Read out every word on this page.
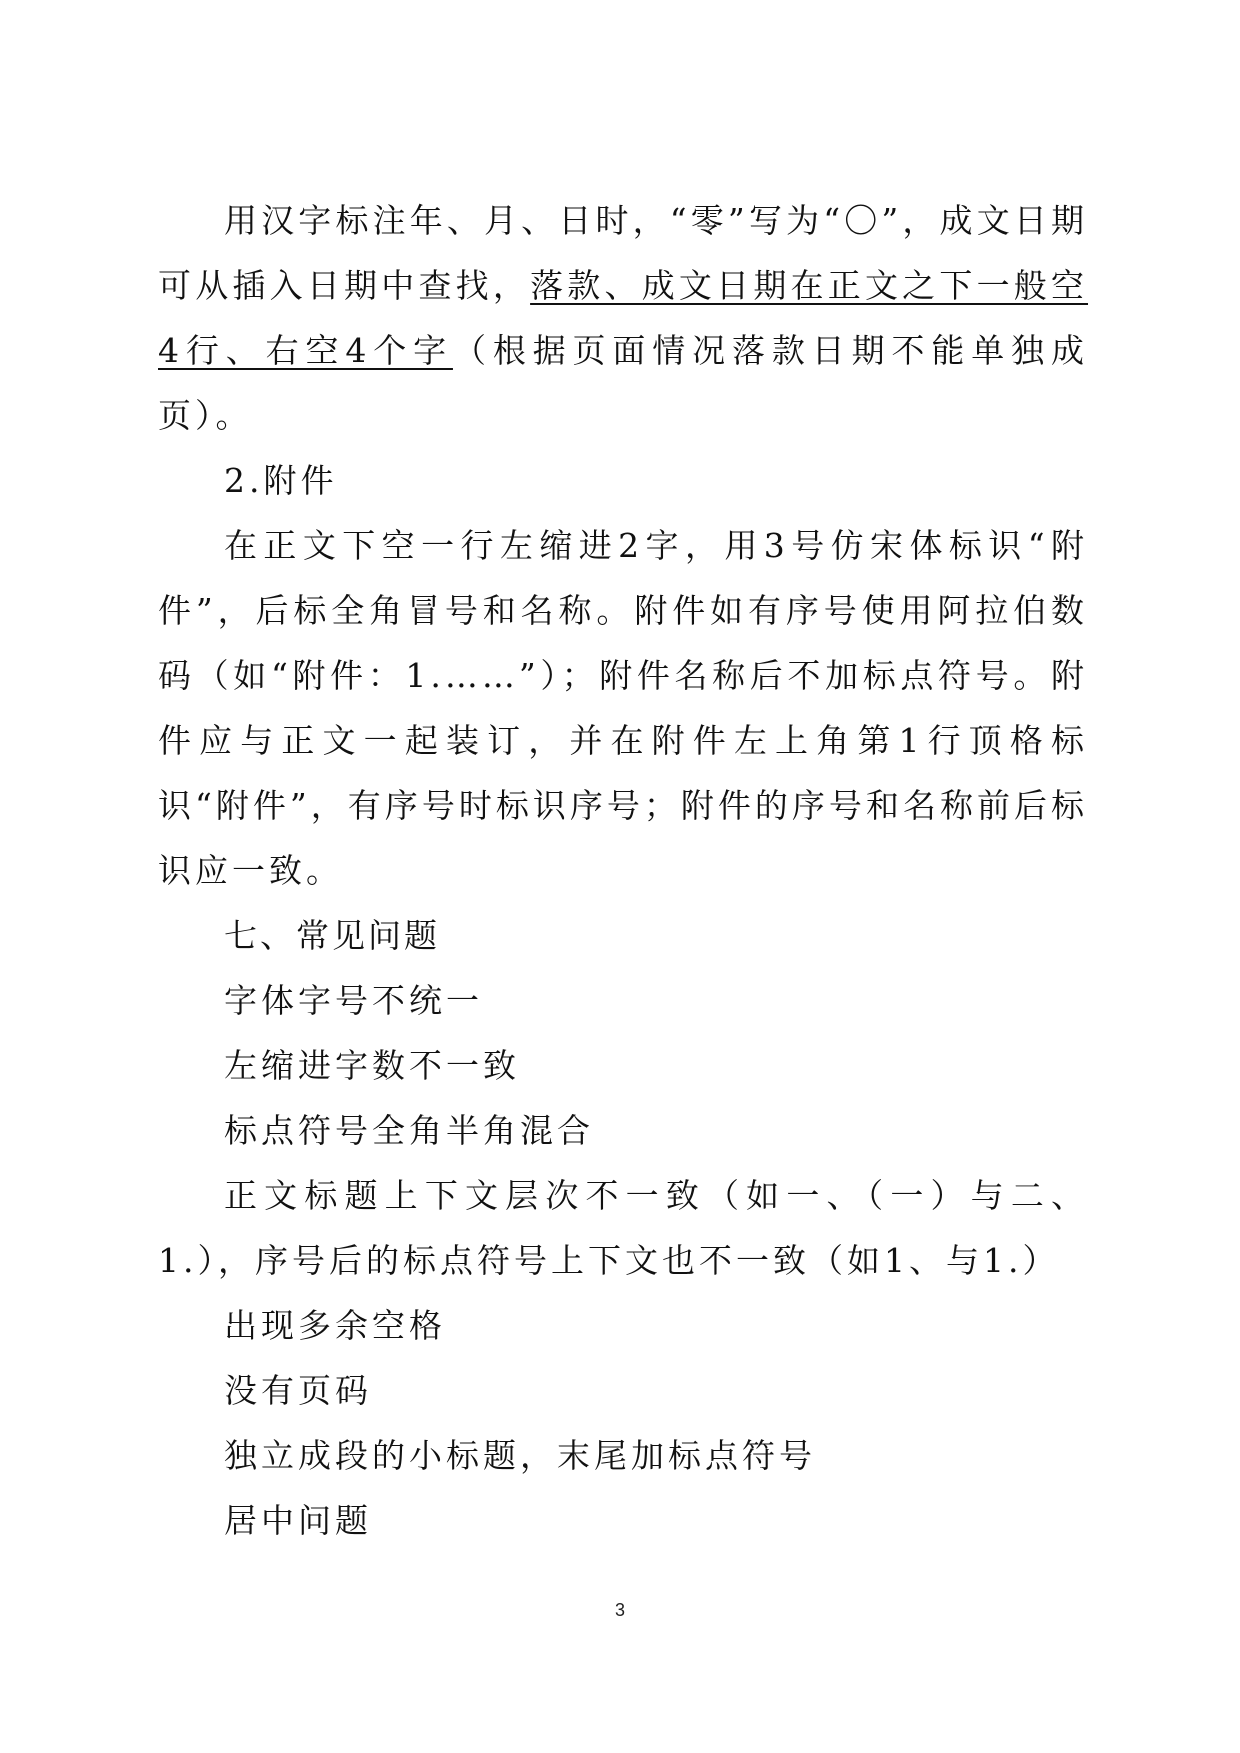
用汉字标注年、月、日时，“零”写为“〇”，成文日期可从插入日期中查找，落款、成文日期在正文之下一般空4行、右空4个字（根据页面情况落款日期不能单独成页）。

2.附件

在正文下空一行左缩进2字，用3号仿宋体标识“附件”，后标全角冒号和名称。附件如有序号使用阿拉伯数码（如“附件：1.……”）；附件名称后不加标点符号。附件应与正文一起装订，并在附件左上角第1行顶格标识“附件”，有序号时标识序号；附件的序号和名称前后标识应一致。

七、常见问题

字体字号不统一

左缩进字数不一致

标点符号全角半角混合

正文标题上下文层次不一致（如一、（一）与二、1.），序号后的标点符号上下文也不一致（如1、与1.）

出现多余空格

没有页码

独立成段的小标题，末尾加标点符号

居中问题

3
